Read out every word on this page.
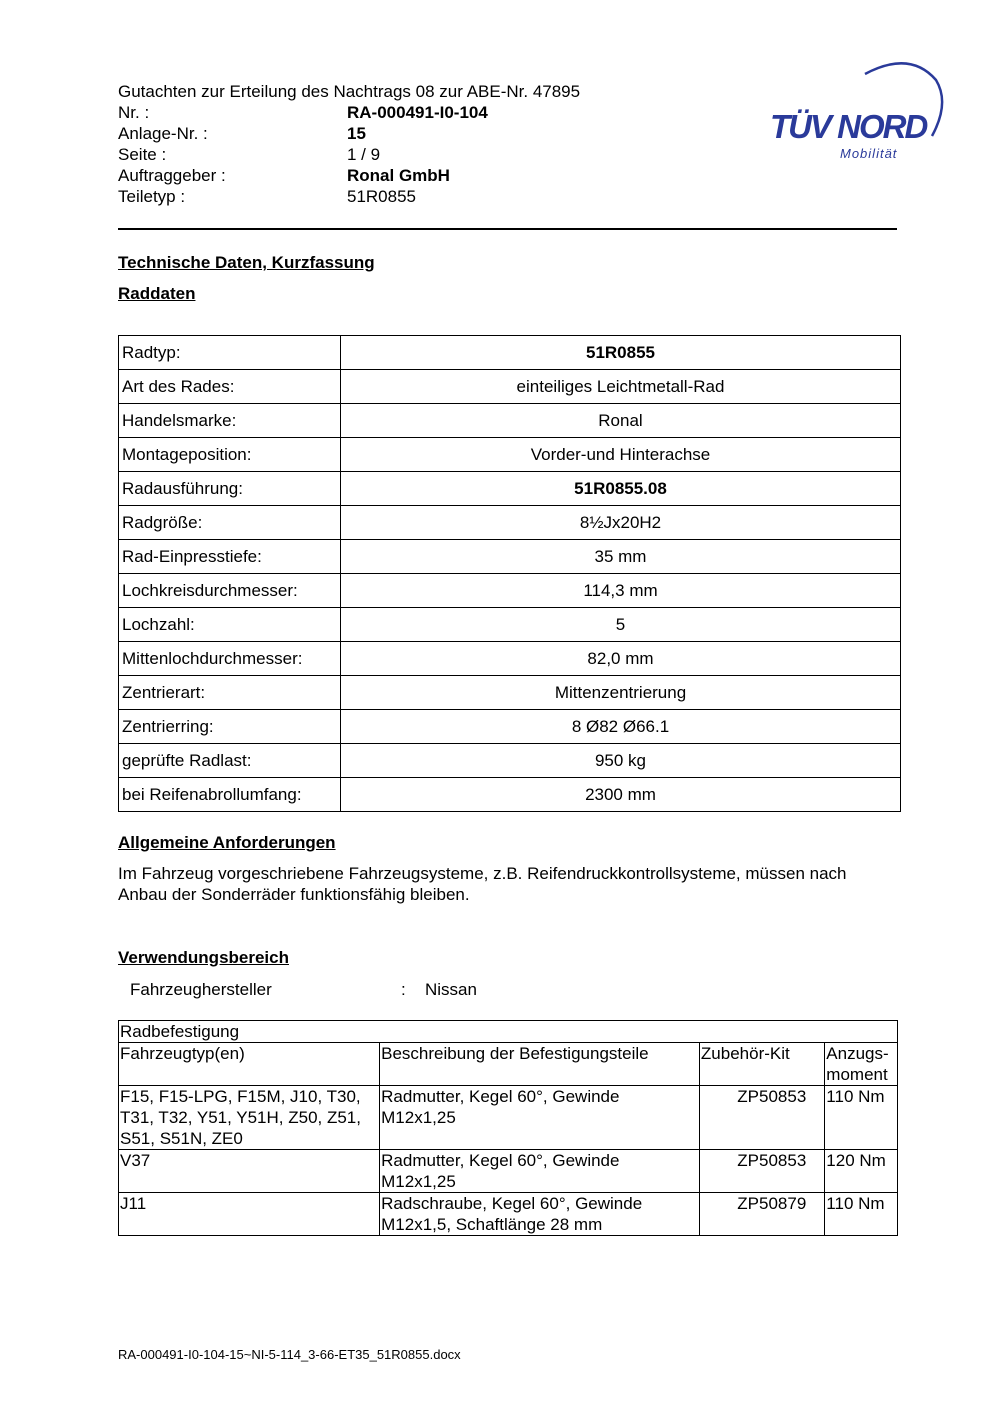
Gutachten zur Erteilung des Nachtrags 08 zur ABE-Nr. 47895
Nr. :	RA-000491-I0-104
Anlage-Nr. :	15
Seite :	1 / 9
Auftraggeber :	Ronal GmbH
Teiletyp :	51R0855
TÜV NORD
Mobilität
Technische Daten, Kurzfassung
Raddaten
Radtyp:	51R0855
Art des Rades:	einteiliges Leichtmetall-Rad
Handelsmarke:	Ronal
Montageposition:	Vorder-und Hinterachse
Radausführung:	51R0855.08
Radgröße:	8½Jx20H2
Rad-Einpresstiefe:	35 mm
Lochkreisdurchmesser:	114,3 mm
Lochzahl:	5
Mittenlochdurchmesser:	82,0 mm
Zentrierart:	Mittenzentrierung
Zentrierring:	8 Ø82 Ø66.1
geprüfte Radlast:	950 kg
bei Reifenabrollumfang:	2300 mm
Allgemeine Anforderungen
Im Fahrzeug vorgeschriebene Fahrzeugsysteme, z.B. Reifendruckkontrollsysteme, müssen nach Anbau der Sonderräder funktionsfähig bleiben.
Verwendungsbereich
Fahrzeughersteller	: Nissan
Radbefestigung			
Fahrzeugtyp(en)	Beschreibung der Befestigungsteile	Zubehör-Kit	Anzugs-moment
F15, F15-LPG, F15M, J10, T30, T31, T32, Y51, Y51H, Z50, Z51, S51, S51N, ZE0	Radmutter, Kegel 60°, Gewinde M12x1,25	ZP50853	110 Nm
V37	Radmutter, Kegel 60°, Gewinde M12x1,25	ZP50853	120 Nm
J11	Radschraube, Kegel 60°, Gewinde M12x1,5, Schaftlänge 28 mm	ZP50879	110 Nm
RA-000491-I0-104-15~NI-5-114_3-66-ET35_51R0855.docx
